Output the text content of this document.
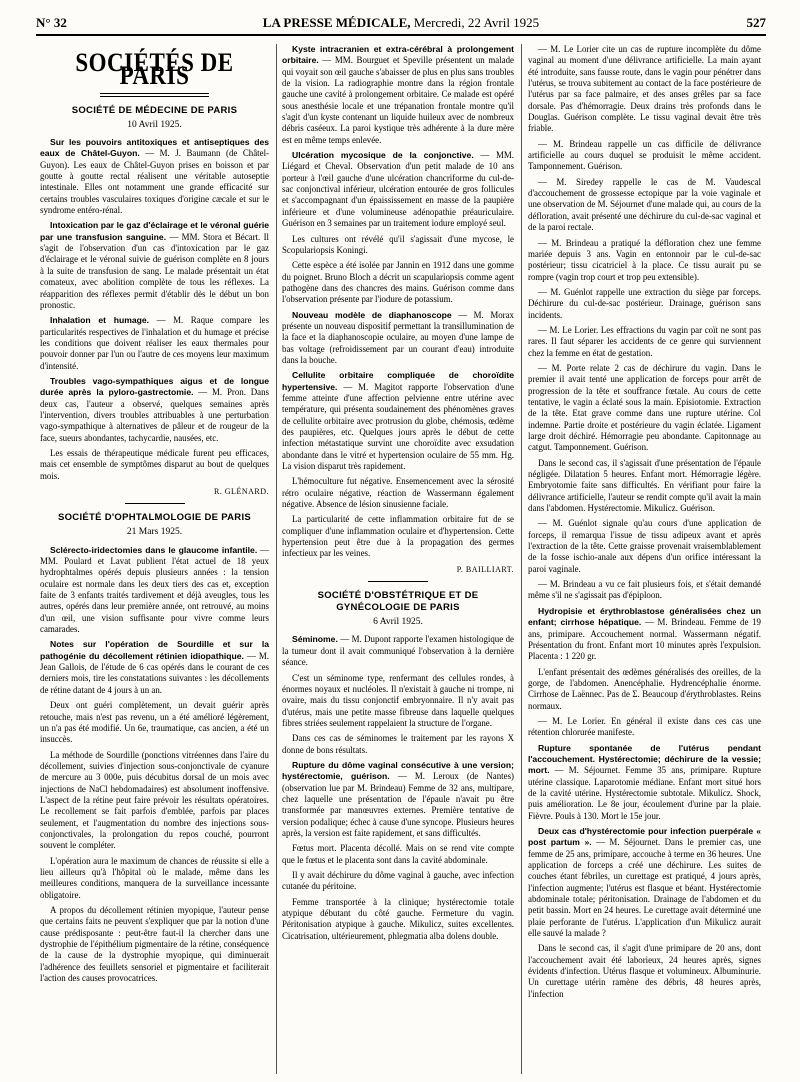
N° 32	LA PRESSE MÉDICALE, Mercredi, 22 Avril 1925	527
SOCIÉTÉS DE PARIS
SOCIÉTÉ DE MÉDECINE DE PARIS
10 Avril 1925.

Sur les pouvoirs antitoxiques et antiseptiques des eaux de Châtel-Guyon. — M. J. Baumann (de Châtel-Guyon). Les eaux de Châtel-Guyon prises en boisson et par goutte à goutte rectal réalisent une véritable autoseptie intestinale. Elles ont notamment une grande efficacité sur certains troubles vasculaires toxiques d'origine cæcale et sur le syndrome entéro-rénal.

Intoxication par le gaz d'éclairage et le véronal guérie par une transfusion sanguine. — MM. Stora et Bécart. Il s'agit de l'observation d'un cas d'intoxication par le gaz d'éclairage et le véronal suivie de guérison complète en 8 jours à la suite de transfusion de sang. Le malade présentait un état comateux, avec abolition complète de tous les réflexes. La réapparition des réflexes permit d'établir dès le début un bon pronostic.

Inhalation et humage. — M. Raque compare les particularités respectives de l'inhalation et du humage et précise les conditions que doivent réaliser les eaux thermales pour pouvoir donner par l'un ou l'autre de ces moyens leur maximum d'intensité.

Troubles vago-sympathiques aigus et de longue durée après la pyloro-gastrectomie. — M. Pron. Dans deux cas, l'auteur a observé, quelques semaines après l'intervention, divers troubles attribuables à une perturbation vago-sympathique à alternatives de pâleur et de rougeur de la face, sueurs abondantes, tachycardie, nausées, etc.

Les essais de thérapeutique médicale furent peu efficaces, mais cet ensemble de symptômes disparut au bout de quelques mois.

R. GLÉNARD.
SOCIÉTÉ D'OPHTALMOLOGIE DE PARIS
21 Mars 1925.

Sclérecto-iridectomies dans le glaucome infantile. — MM. Poulard et Lavat publient l'état actuel de 18 yeux hydrophtalmes opérés depuis plusieurs années : la tension oculaire est normale dans les deux tiers des cas et, exception faite de 3 enfants traités tardivement et déjà aveugles, tous les autres, opérés dans leur première année, ont retrouvé, au moins d'un œil, une vision suffisante pour vivre comme leurs camarades.

Notes sur l'opération de Sourdille et sur la pathogénie du décollement rétinien idiopathique. — M. Jean Gallois, de l'étude de 6 cas opérés dans le courant de ces derniers mois, tire les constatations suivantes : les décollements de rétine datant de 4 jours à un an.

Deux ont guéri complètement, un devait guérir après retouche, mais n'est pas revenu, un a été amélioré légèrement, un n'a pas été modifié. Un 6e, traumatique, cas ancien, a été un insuccès.

La méthode de Sourdille (ponctions vitréennes dans l'aire du décollement, suivies d'injection sous-conjonctivale de cyanure de mercure au 3 000e, puis décubitus dorsal de un mois avec injections de NaCl hebdomadaires) est absolument inoffensive. L'aspect de la rétine peut faire prévoir les résultats opératoires. Le recollement se fait parfois d'emblée, parfois par places seulement, et l'augmentation du nombre des injections sous-conjonctivales, la prolongation du repos couché, pourront souvent le compléter.

L'opération aura le maximum de chances de réussite si elle a lieu ailleurs qu'à l'hôpital où le malade, même dans les meilleures conditions, manquera de la surveillance incessante obligatoire.

A propos du décollement rétinien myopique, l'auteur pense que certains faits ne peuvent s'expliquer que par la notion d'une cause prédisposante : peut-être faut-il la chercher dans une dystrophie de l'épithélium pigmentaire de la rétine, conséquence de la cause de la dystrophie myopique, qui diminuerait l'adhérence des feuillets sensoriel et pigmentaire et faciliterait l'action des causes provocatrices.

Kyste intracranien et extra-cérébral à prolongement orbitaire. — MM. Bourguet et Speville présentent un malade qui voyait son œil gauche s'abaisser de plus en plus sans troubles de la vision. La radiographie montre dans la région frontale gauche une cavité à prolongement orbitaire. Ce malade est opéré sous anesthésie locale et une trépanation frontale montre qu'il s'agit d'un kyste contenant un liquide huileux avec de nombreux débris caséeux. La paroi kystique très adhérente à la dure mère est en même temps enlevée.

Ulcération mycosique de la conjonctive. — MM. Liégard et Cheval. Observation d'un petit malade de 10 ans porteur à l'œil gauche d'une ulcération chancriforme du cul-de-sac conjonctival inférieur, ulcération entourée de gros follicules et s'accompagnant d'un épaississement en masse de la paupière inférieure et d'une volumineuse adénopathie préauriculaire. Guérison en 3 semaines par un traitement iodure employé seul.

Les cultures ont révélé qu'il s'agissait d'une mycose, le Scopulariopsis Koningi.

Cette espèce a été isolée par Jannin en 1912 dans une gomme du poignet. Bruno Bloch a décrit un scapulariopsis comme agent pathogène dans des chancres des mains. Guérison comme dans l'observation présente par l'iodure de potassium.

Nouveau modèle de diaphanoscope — M. Morax présente un nouveau dispositif permettant la transillumination de la face et la diaphanoscopie oculaire, au moyen d'une lampe de bas voltage (refroidissement par un courant d'eau) introduite dans la bouche.

Cellulite orbitaire compliquée de choroïdite hypertensive. — M. Magitot rapporte l'observation d'une femme atteinte d'une affection pelvienne entre utérine avec température, qui présenta soudainement des phénomènes graves de cellulite orbitaire avec protrusion du globe, chémosis, œdème des paupières, etc. Quelques jours après le début de cette infection métastatique survint une choroïdite avec exsudation abondante dans le vitré et hypertension oculaire de 55 mm. Hg. La vision disparut très rapidement.

L'hémoculture fut négative. Ensemencement avec la sérosité rétro oculaire négative, réaction de Wassermann également négative. Absence de lésion sinusienne faciale.

La particularité de cette inflammation orbitaire fut de se compliquer d'une inflammation oculaire et d'hypertension. Cette hypertension peut être due à la propagation des germes infectieux par les veines.

P. BAILLIART.
SOCIÉTÉ D'OBSTÉTRIQUE ET DE GYNÉCOLOGIE DE PARIS
6 Avril 1925.

Séminome. — M. Dupont rapporte l'examen histologique de la tumeur dont il avait communiqué l'observation à la dernière séance.

C'est un séminome type, renfermant des cellules rondes, à énormes noyaux et nucléoles. Il n'existait à gauche ni trompe, ni ovaire, mais du tissu conjonctif embryonnaire. Il n'y avait pas d'utérus, mais une petite masse fibreuse dans laquelle quelques fibres striées seulement rappelaient la structure de l'organe.

Dans ces cas de séminomes le traitement par les rayons X donne de bons résultats.

Rupture du dôme vaginal consécutive à une version; hystérectomie, guérison. — M. Leroux (de Nantes) (observation lue par M. Brindeau) Femme de 32 ans, multipare, chez laquelle une présentation de l'épaule n'avait pu être transformée par manœuvres externes. Première tentative de version podalique; échec à cause d'une syncope. Plusieurs heures après, la version est faite rapidement, et sans difficultés.

Fœtus mort. Placenta décollé. Mais on se rend vite compte que le fœtus et le placenta sont dans la cavité abdominale.

Il y avait déchirure du dôme vaginal à gauche, avec infection cutanée du péritoine.

Femme transportée à la clinique; hystérectomie totale atypique débutant du côté gauche. Fermeture du vagin. Péritonisation atypique à gauche. Mikulicz, suites excellentes. Cicatrisation, ultérieurement, phlegmatia alba dolens double.

— M. Le Lorier cite un cas de rupture incomplète du dôme vaginal au moment d'une délivrance artificielle. La main ayant été introduite, sans fausse route, dans le vagin pour pénétrer dans l'utérus, se trouva subitement au contact de la face postérieure de l'utérus par sa face palmaire, et des anses grêles par sa face dorsale. Pas d'hémorragie. Deux drains très profonds dans le Douglas. Guérison complète. Le tissu vaginal devait être très friable.

— M. Brindeau rappelle un cas difficile de délivrance artificielle au cours duquel se produisit le même accident. Tamponnement. Guérison.

— M. Siredey rappelle le cas de M. Vaudescal d'accouchement de grossesse ectopique par la voie vaginale et une observation de M. Séjournet d'une malade qui, au cours de la défloration, avait présenté une déchirure du cul-de-sac vaginal et de la paroi rectale.

— M. Brindeau a pratiqué la défloration chez une femme mariée depuis 3 ans. Vagin en entonnoir par le cul-de-sac postérieur; tissu cicatriciel à la place. Ce tissu aurait pu se rompre (vagin trop court et trop peu extensible).

— M. Guénlot rappelle une extraction du siège par forceps. Déchirure du cul-de-sac postérieur. Drainage, guérison sans incidents.

— M. Le Lorier. Les effractions du vagin par coït ne sont pas rares. Il faut séparer les accidents de ce genre qui surviennent chez la femme en état de gestation.

— M. Porte relate 2 cas de déchirure du vagin. Dans le premier il avait tenté une application de forceps pour arrêt de progression de la tête et souffrance fœtale. Au cours de cette tentative, le vagin a éclaté sous la main. Episiotomie. Extraction de la tête. Etat grave comme dans une rupture utérine. Col indemne. Partie droite et postérieure du vagin éclatée. Ligament large droit déchiré. Hémorragie peu abondante. Capitonnage au catgut. Tamponnement. Guérison.

Dans le second cas, il s'agissait d'une présentation de l'épaule négligée. Dilatation 5 heures. Enfant mort. Hémorragie légère. Embryotomie faite sans difficultés. En vérifiant pour faire la délivrance artificielle, l'auteur se rendit compte qu'il avait la main dans l'abdomen. Hystérectomie. Mikulicz. Guérison.

— M. Guénlot signale qu'au cours d'une application de forceps, il remarqua l'issue de tissu adipeux avant et après l'extraction de la tête. Cette graisse provenait vraisemblablement de la fosse ischio-anale aux dépens d'un orifice intéressant la paroi vaginale.

— M. Brindeau a vu ce fait plusieurs fois, et s'était demandé même s'il ne s'agissait pas d'épiploon.

Hydropisie et érythroblastose généralisées chez un enfant; cirrhose hépatique. — M. Brindeau. Femme de 19 ans, primipare. Accouchement normal. Wassermann négatif. Présentation du front. Enfant mort 10 minutes après l'expulsion. Placenta : 1 220 gr.

L'enfant présentait des œdèmes généralisés des oreilles, de la gorge, de l'abdomen. Anencéphalie. Hydrencéphalie énorme. Cirrhose de Laënnec. Pas de Σ. Beaucoup d'érythroblastes. Reins normaux.

— M. Le Lorier. En général il existe dans ces cas une rétention chlorurée manifeste.

Rupture spontanée de l'utérus pendant l'accouchement. Hystérectomie; déchirure de la vessie; mort. — M. Séjournet. Femme 35 ans, primipare. Rupture utérine classique. Laparotomie médiane. Enfant mort situé hors de la cavité utérine. Hystérectomie subtotale. Mikulicz. Shock, puis amélioration. Le 8e jour, écoulement d'urine par la plaie. Fièvre. Pouls à 130. Mort le 15e jour.

Deux cas d'hystérectomie pour infection puerpérale « post partum ». — M. Séjournet. Dans le premier cas, une femme de 25 ans, primipare, accouche à terme en 36 heures. Une application de forceps a créé une déchirure. Les suites de couches étant fébriles, un curettage est pratiqué, 4 jours après, l'infection augmente; l'utérus est flasque et béant. Hystérectomie abdominale totale; péritonisation. Drainage de l'abdomen et du petit bassin. Mort en 24 heures. Le curettage avait déterminé une plaie perforante de l'utérus. L'application d'un Mikulicz aurait elle sauvé la malade ?

Dans le second cas, il s'agit d'une primipare de 20 ans, dont l'accouchement avait été laborieux, 24 heures après, signes évidents d'infection. Utérus flasque et volumineux. Albuminurie. Un curettage utérin ramène des débris, 48 heures après, l'infection
